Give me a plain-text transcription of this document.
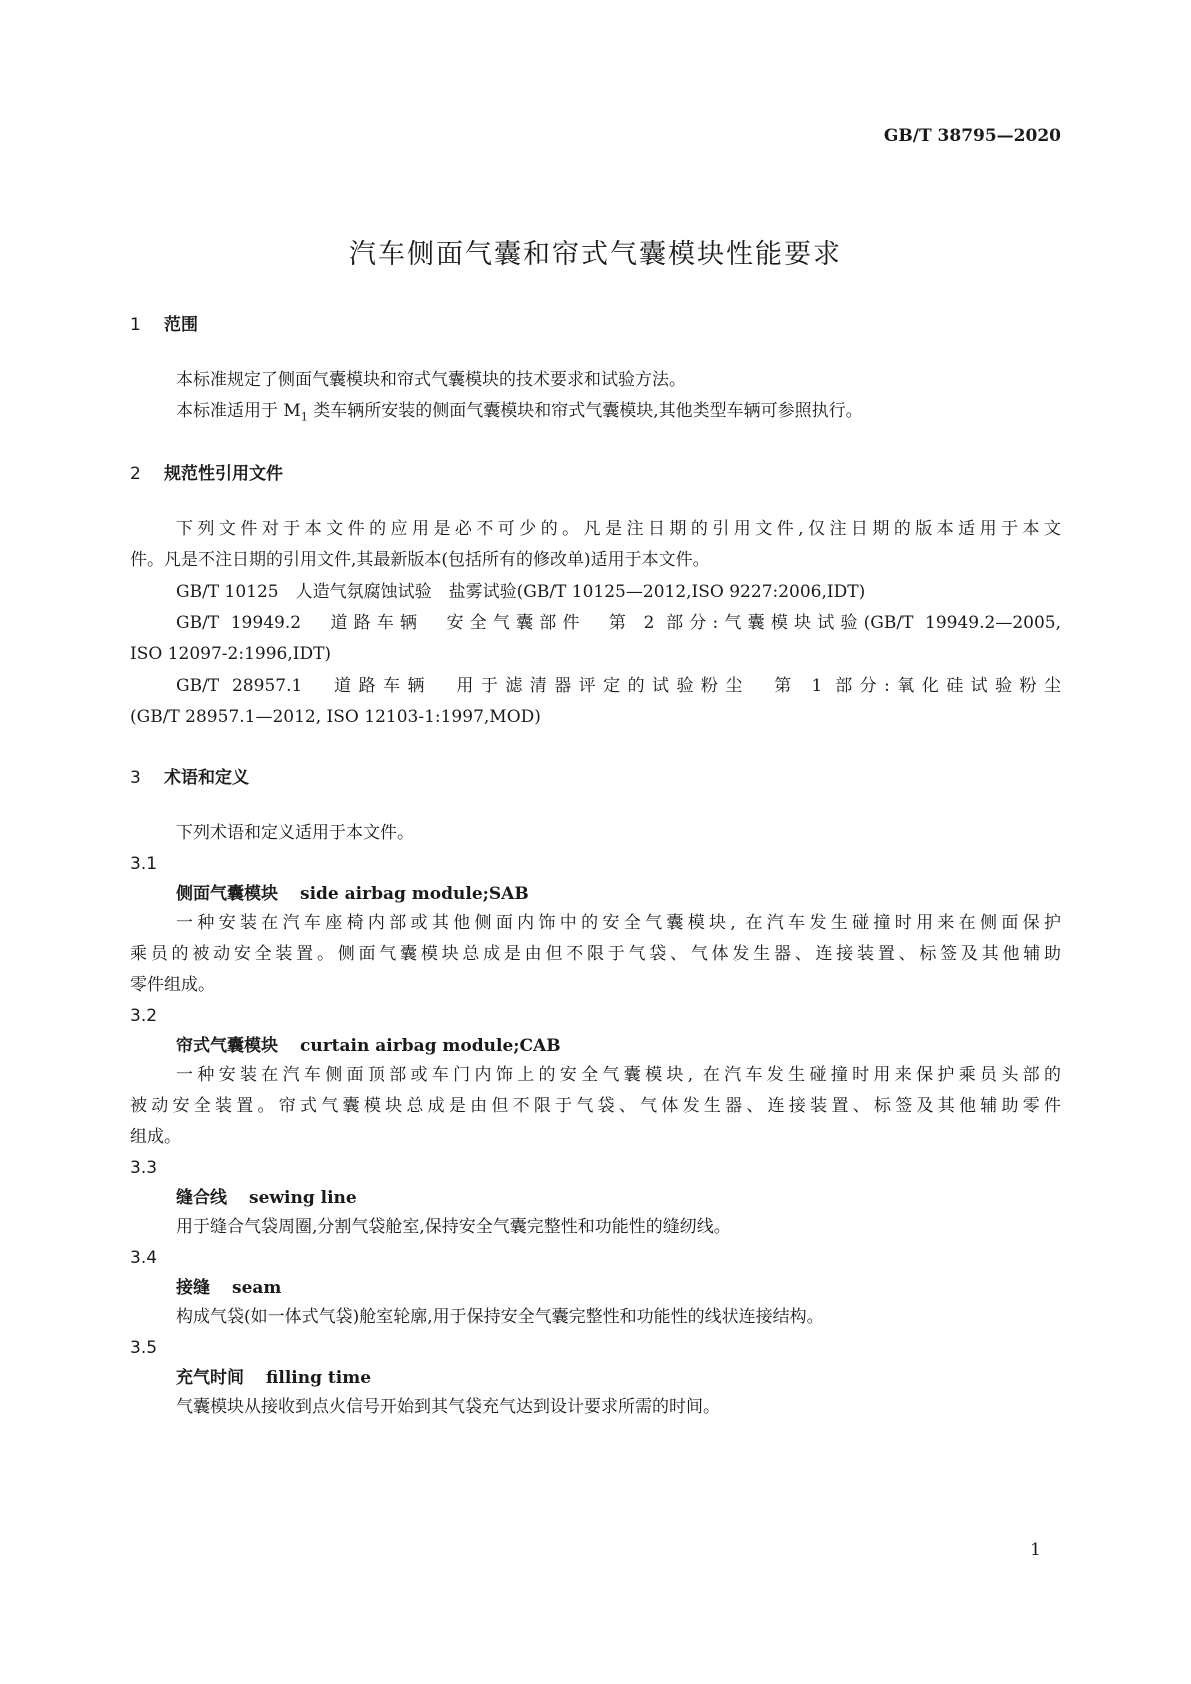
GB/T 38795—2020
汽车侧面气囊和帘式气囊模块性能要求
1 范围
本标准规定了侧面气囊模块和帘式气囊模块的技术要求和试验方法。
本标准适用于 $M_1$ 类车辆所安装的侧面气囊模块和帘式气囊模块,其他类型车辆可参照执行。
2 规范性引用文件
下列文件对于本文件的应用是必不可少的。凡是注日期的引用文件,仅注日期的版本适用于本文
件。凡是不注日期的引用文件,其最新版本(包括所有的修改单)适用于本文件。
GB/T 10125　人造气氛腐蚀试验　盐雾试验(GB/T 10125—2012,ISO 9227:2006,IDT)
GB/T 19949.2　道路车辆　安全气囊部件　第 2 部分:气囊模块试验(GB/T 19949.2—2005,
ISO 12097-2:1996,IDT)
GB/T 28957.1　道路车辆　用于滤清器评定的试验粉尘　第 1 部分:氧化硅试验粉尘
(GB/T 28957.1—2012, ISO 12103-1:1997,MOD)
3 术语和定义
下列术语和定义适用于本文件。
3.1
侧面气囊模块 side airbag module;SAB
一种安装在汽车座椅内部或其他侧面内饰中的安全气囊模块, 在汽车发生碰撞时用来在侧面保护
乘员的被动安全装置。侧面气囊模块总成是由但不限于气袋、气体发生器、连接装置、标签及其他辅助
零件组成。
3.2
帘式气囊模块 curtain airbag module;CAB
一种安装在汽车侧面顶部或车门内饰上的安全气囊模块, 在汽车发生碰撞时用来保护乘员头部的
被动安全装置。帘式气囊模块总成是由但不限于气袋、气体发生器、连接装置、标签及其他辅助零件
组成。
3.3
缝合线 sewing line
用于缝合气袋周圈,分割气袋舱室,保持安全气囊完整性和功能性的缝纫线。
3.4
接缝 seam
构成气袋(如一体式气袋)舱室轮廓,用于保持安全气囊完整性和功能性的线状连接结构。
3.5
充气时间 filling time
气囊模块从接收到点火信号开始到其气袋充气达到设计要求所需的时间。
1
